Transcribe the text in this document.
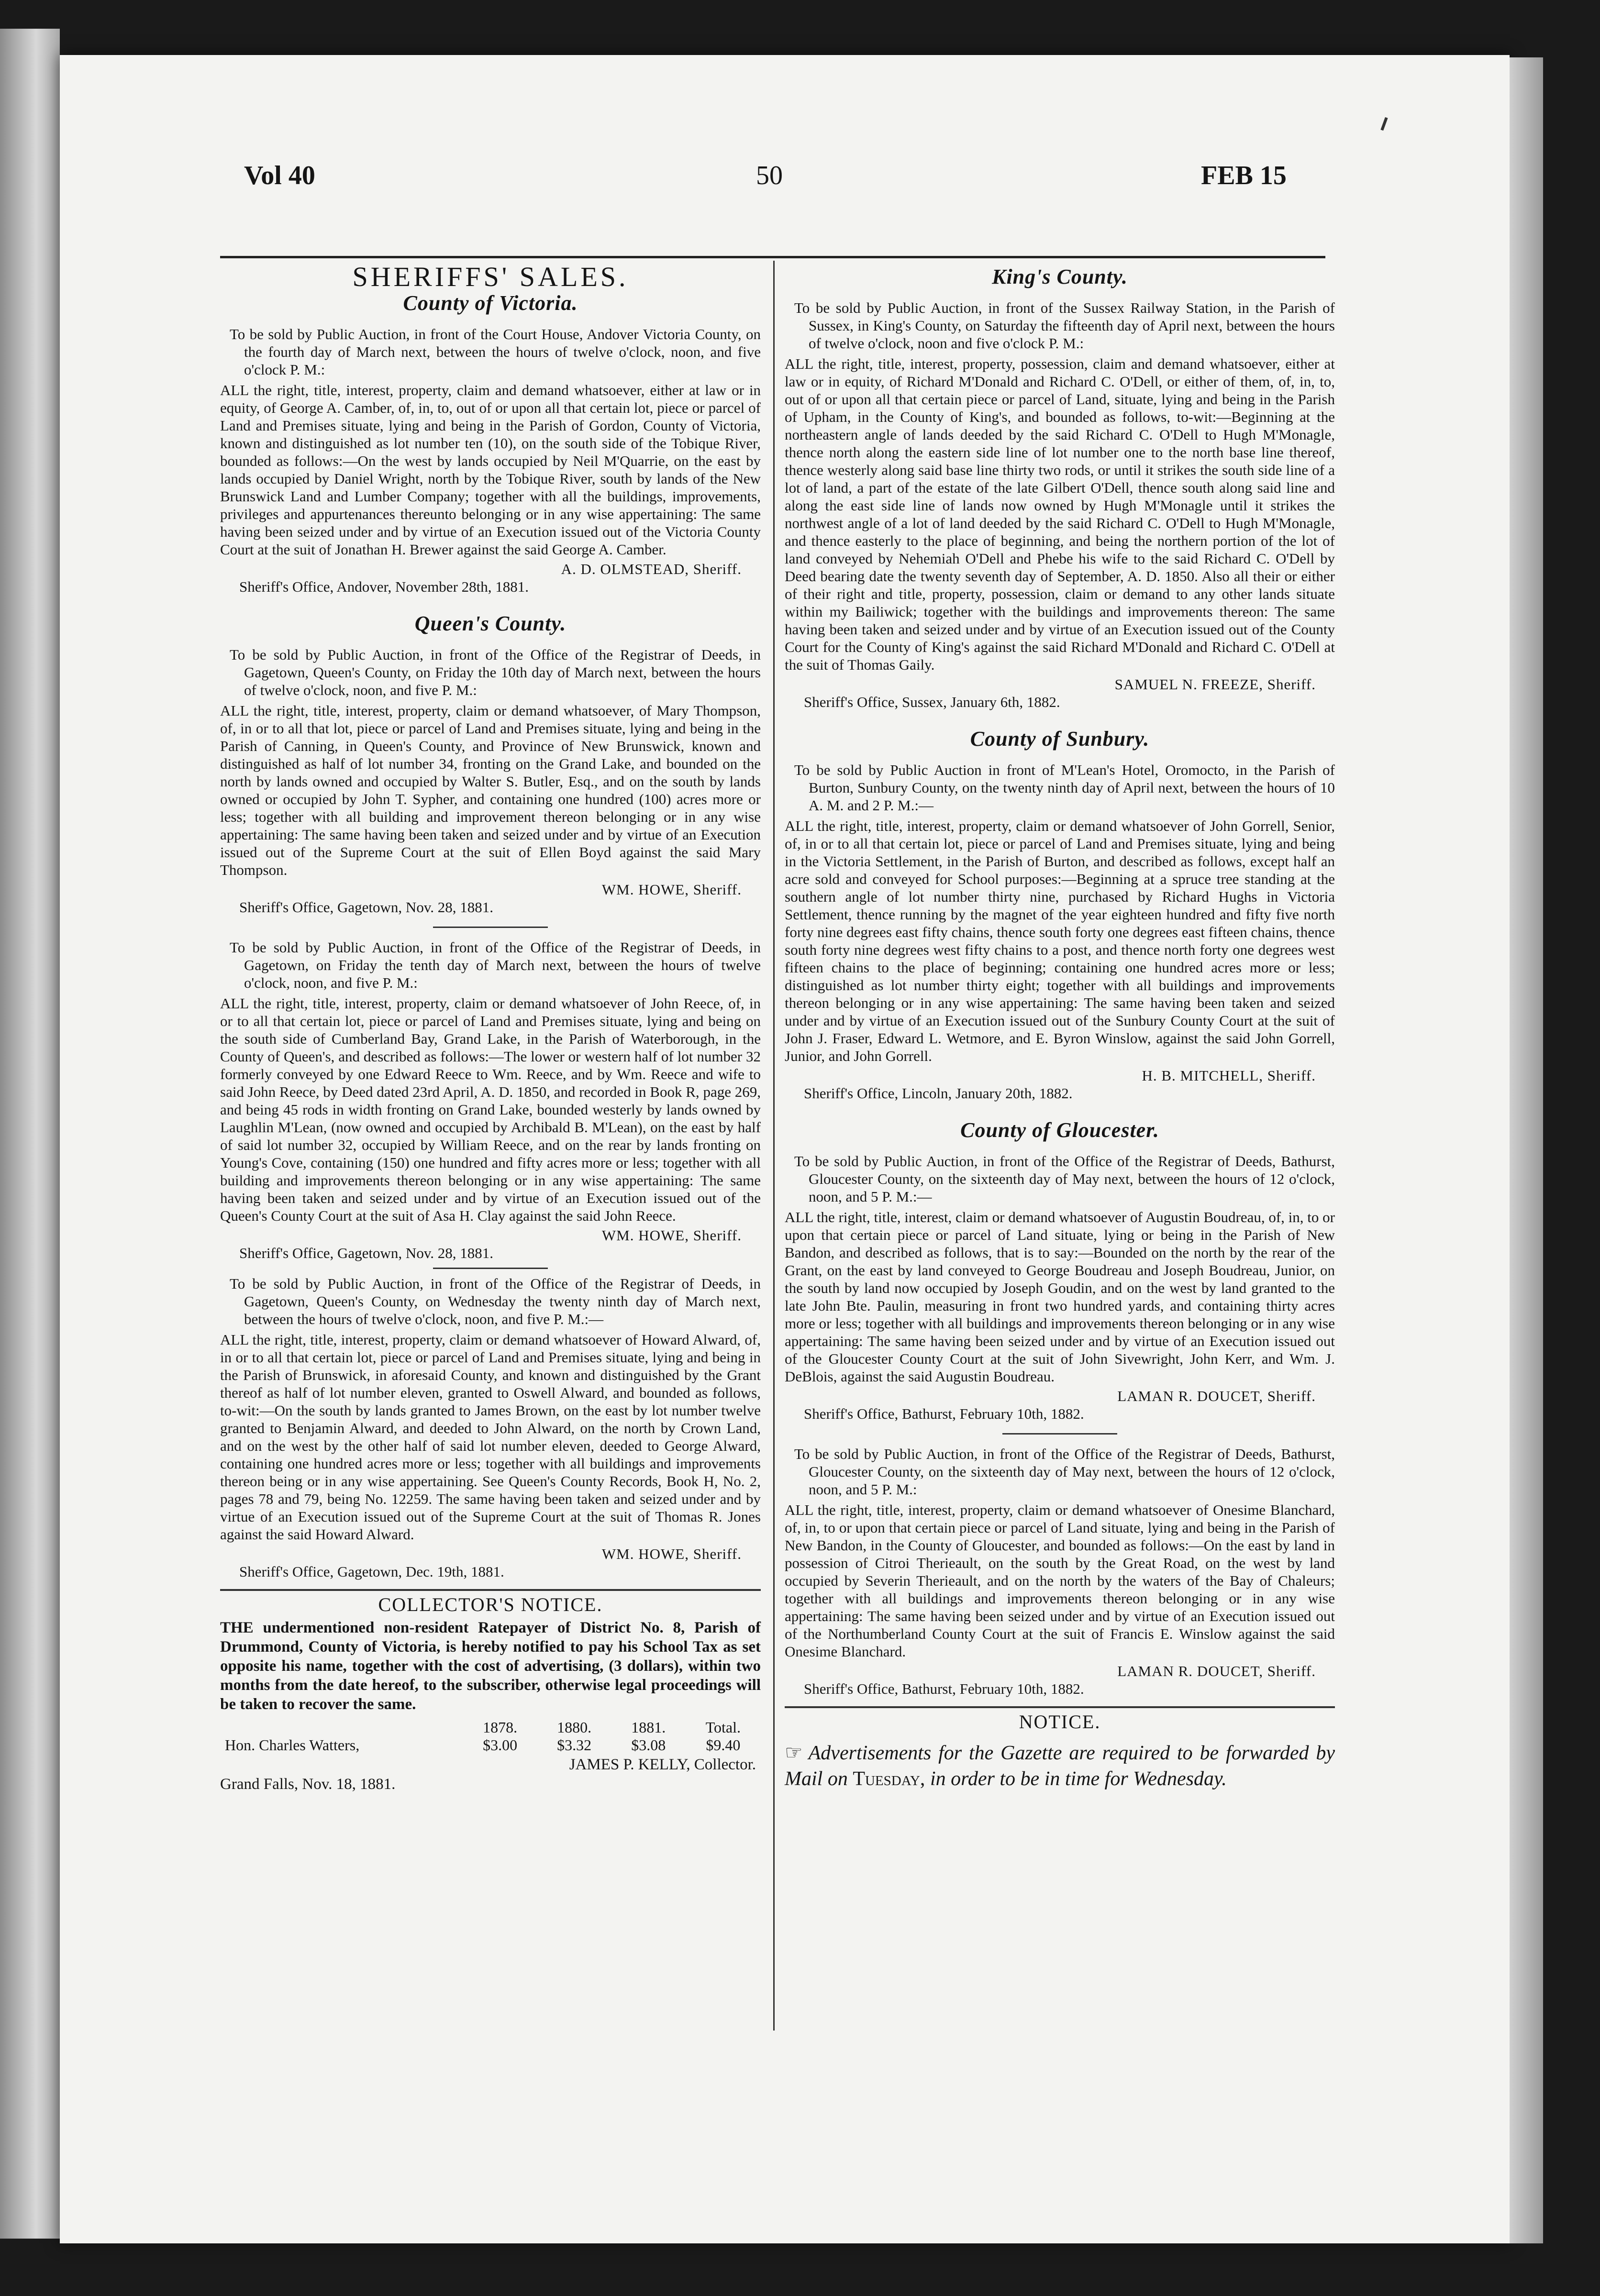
Vol 40	50	FEB 15
SHERIFFS' SALES.
County of Victoria.

To be sold by Public Auction, in front of the Court House, Andover Victoria County, on the fourth day of March next, between the hours of twelve o'clock, noon, and five o'clock P. M.:

ALL the right, title, interest, property, claim and demand whatsoever, either at law or in equity, of George A. Camber, of, in, to, out of or upon all that certain lot, piece or parcel of Land and Premises situate, lying and being in the Parish of Gordon, County of Victoria, known and distinguished as lot number ten (10), on the south side of the Tobique River, bounded as follows:—On the west by lands occupied by Neil M'Quarrie, on the east by lands occupied by Daniel Wright, north by the Tobique River, south by lands of the New Brunswick Land and Lumber Company; together with all the buildings, improvements, privileges and appurtenances thereunto belonging or in any wise appertaining: The same having been seized under and by virtue of an Execution issued out of the Victoria County Court at the suit of Jonathan H. Brewer against the said George A. Camber.

A. D. OLMSTEAD, Sheriff.
Sheriff's Office, Andover, November 28th, 1881.
Queen's County.

To be sold by Public Auction, in front of the Office of the Registrar of Deeds, in Gagetown, Queen's County, on Friday the 10th day of March next, between the hours of twelve o'clock, noon, and five P. M.:

ALL the right, title, interest, property, claim or demand whatsoever, of Mary Thompson, of, in or to all that lot, piece or parcel of Land and Premises situate, lying and being in the Parish of Canning, in Queen's County, and Province of New Brunswick, known and distinguished as half of lot number 34, fronting on the Grand Lake, and bounded on the north by lands owned and occupied by Walter S. Butler, Esq., and on the south by lands owned or occupied by John T. Sypher, and containing one hundred (100) acres more or less; together with all building and improvement thereon belonging or in any wise appertaining: The same having been taken and seized under and by virtue of an Execution issued out of the Supreme Court at the suit of Ellen Boyd against the said Mary Thompson.

WM. HOWE, Sheriff.
Sheriff's Office, Gagetown, Nov. 28, 1881.

To be sold by Public Auction, in front of the Office of the Registrar of Deeds, in Gagetown, on Friday the tenth day of March next, between the hours of twelve o'clock, noon, and five P. M.:

ALL the right, title, interest, property, claim or demand whatsoever of John Reece, of, in or to all that certain lot, piece or parcel of Land and Premises situate, lying and being on the south side of Cumberland Bay, Grand Lake, in the Parish of Waterborough, in the County of Queen's, and described as follows:—The lower or western half of lot number 32 formerly conveyed by one Edward Reece to Wm. Reece, and by Wm. Reece and wife to said John Reece, by Deed dated 23rd April, A. D. 1850, and recorded in Book R, page 269, and being 45 rods in width fronting on Grand Lake, bounded westerly by lands owned by Laughlin M'Lean, (now owned and occupied by Archibald B. M'Lean), on the east by half of said lot number 32, occupied by William Reece, and on the rear by lands fronting on Young's Cove, containing (150) one hundred and fifty acres more or less; together with all building and improvements thereon belonging or in any wise appertaining: The same having been taken and seized under and by virtue of an Execution issued out of the Queen's County Court at the suit of Asa H. Clay against the said John Reece.

WM. HOWE, Sheriff.
Sheriff's Office, Gagetown, Nov. 28, 1881.

To be sold by Public Auction, in front of the Office of the Registrar of Deeds, in Gagetown, Queen's County, on Wednesday the twenty ninth day of March next, between the hours of twelve o'clock, noon, and five P. M.:—

ALL the right, title, interest, property, claim or demand whatsoever of Howard Alward, of, in or to all that certain lot, piece or parcel of Land and Premises situate, lying and being in the Parish of Brunswick, in aforesaid County, and known and distinguished by the Grant thereof as half of lot number eleven, granted to Oswell Alward, and bounded as follows, to-wit:—On the south by lands granted to James Brown, on the east by lot number twelve granted to Benjamin Alward, and deeded to John Alward, on the north by Crown Land, and on the west by the other half of said lot number eleven, deeded to George Alward, containing one hundred acres more or less; together with all buildings and improvements thereon being or in any wise appertaining. See Queen's County Records, Book H, No. 2, pages 78 and 79, being No. 12259. The same having been taken and seized under and by virtue of an Execution issued out of the Supreme Court at the suit of Thomas R. Jones against the said Howard Alward.

WM. HOWE, Sheriff.
Sheriff's Office, Gagetown, Dec. 19th, 1881.
COLLECTOR'S NOTICE.

THE undermentioned non-resident Ratepayer of District No. 8, Parish of Drummond, County of Victoria, is hereby notified to pay his School Tax as set opposite his name, together with the cost of advertising, (3 dollars), within two months from the date hereof, to the subscriber, otherwise legal proceedings will be taken to recover the same.

	1878.	1880.	1881.	Total.
Hon. Charles Watters,	$3.00	$3.32	$3.08	$9.40
JAMES P. KELLY, Collector.
Grand Falls, Nov. 18, 1881.
King's County.

To be sold by Public Auction, in front of the Sussex Railway Station, in the Parish of Sussex, in King's County, on Saturday the fifteenth day of April next, between the hours of twelve o'clock, noon and five o'clock P. M.:

ALL the right, title, interest, property, possession, claim and demand whatsoever, either at law or in equity, of Richard M'Donald and Richard C. O'Dell, or either of them, of, in, to, out of or upon all that certain piece or parcel of Land, situate, lying and being in the Parish of Upham, in the County of King's, and bounded as follows, to-wit:—Beginning at the northeastern angle of lands deeded by the said Richard C. O'Dell to Hugh M'Monagle, thence north along the eastern side line of lot number one to the north base line thereof, thence westerly along said base line thirty two rods, or until it strikes the south side line of a lot of land, a part of the estate of the late Gilbert O'Dell, thence south along said line and along the east side line of lands now owned by Hugh M'Monagle until it strikes the northwest angle of a lot of land deeded by the said Richard C. O'Dell to Hugh M'Monagle, and thence easterly to the place of beginning, and being the northern portion of the lot of land conveyed by Nehemiah O'Dell and Phebe his wife to the said Richard C. O'Dell by Deed bearing date the twenty seventh day of September, A. D. 1850. Also all their or either of their right and title, property, possession, claim or demand to any other lands situate within my Bailiwick; together with the buildings and improvements thereon: The same having been taken and seized under and by virtue of an Execution issued out of the County Court for the County of King's against the said Richard M'Donald and Richard C. O'Dell at the suit of Thomas Gaily.

SAMUEL N. FREEZE, Sheriff.
Sheriff's Office, Sussex, January 6th, 1882.
County of Sunbury.

To be sold by Public Auction in front of M'Lean's Hotel, Oromocto, in the Parish of Burton, Sunbury County, on the twenty ninth day of April next, between the hours of 10 A. M. and 2 P. M.:—

ALL the right, title, interest, property, claim or demand whatsoever of John Gorrell, Senior, of, in or to all that certain lot, piece or parcel of Land and Premises situate, lying and being in the Victoria Settlement, in the Parish of Burton, and described as follows, except half an acre sold and conveyed for School purposes:—Beginning at a spruce tree standing at the southern angle of lot number thirty nine, purchased by Richard Hughs in Victoria Settlement, thence running by the magnet of the year eighteen hundred and fifty five north forty nine degrees east fifty chains, thence south forty one degrees east fifteen chains, thence south forty nine degrees west fifty chains to a post, and thence north forty one degrees west fifteen chains to the place of beginning; containing one hundred acres more or less; distinguished as lot number thirty eight; together with all buildings and improvements thereon belonging or in any wise appertaining: The same having been taken and seized under and by virtue of an Execution issued out of the Sunbury County Court at the suit of John J. Fraser, Edward L. Wetmore, and E. Byron Winslow, against the said John Gorrell, Junior, and John Gorrell.

H. B. MITCHELL, Sheriff.
Sheriff's Office, Lincoln, January 20th, 1882.
County of Gloucester.

To be sold by Public Auction, in front of the Office of the Registrar of Deeds, Bathurst, Gloucester County, on the sixteenth day of May next, between the hours of 12 o'clock, noon, and 5 P. M.:—

ALL the right, title, interest, claim or demand whatsoever of Augustin Boudreau, of, in, to or upon that certain piece or parcel of Land situate, lying or being in the Parish of New Bandon, and described as follows, that is to say:—Bounded on the north by the rear of the Grant, on the east by land conveyed to George Boudreau and Joseph Boudreau, Junior, on the south by land now occupied by Joseph Goudin, and on the west by land granted to the late John Bte. Paulin, measuring in front two hundred yards, and containing thirty acres more or less; together with all buildings and improvements thereon belonging or in any wise appertaining: The same having been seized under and by virtue of an Execution issued out of the Gloucester County Court at the suit of John Sivewright, John Kerr, and Wm. J. DeBlois, against the said Augustin Boudreau.

LAMAN R. DOUCET, Sheriff.
Sheriff's Office, Bathurst, February 10th, 1882.

To be sold by Public Auction, in front of the Office of the Registrar of Deeds, Bathurst, Gloucester County, on the sixteenth day of May next, between the hours of 12 o'clock, noon, and 5 P. M.:

ALL the right, title, interest, property, claim or demand whatsoever of Onesime Blanchard, of, in, to or upon that certain piece or parcel of Land situate, lying and being in the Parish of New Bandon, in the County of Gloucester, and bounded as follows:—On the east by land in possession of Citroi Therieault, on the south by the Great Road, on the west by land occupied by Severin Therieault, and on the north by the waters of the Bay of Chaleurs; together with all buildings and improvements thereon belonging or in any wise appertaining: The same having been seized under and by virtue of an Execution issued out of the Northumberland County Court at the suit of Francis E. Winslow against the said Onesime Blanchard.

LAMAN R. DOUCET, Sheriff.
Sheriff's Office, Bathurst, February 10th, 1882.
NOTICE.

☞ Advertisements for the Gazette are required to be forwarded by Mail on Tuesday, in order to be in time for Wednesday.
